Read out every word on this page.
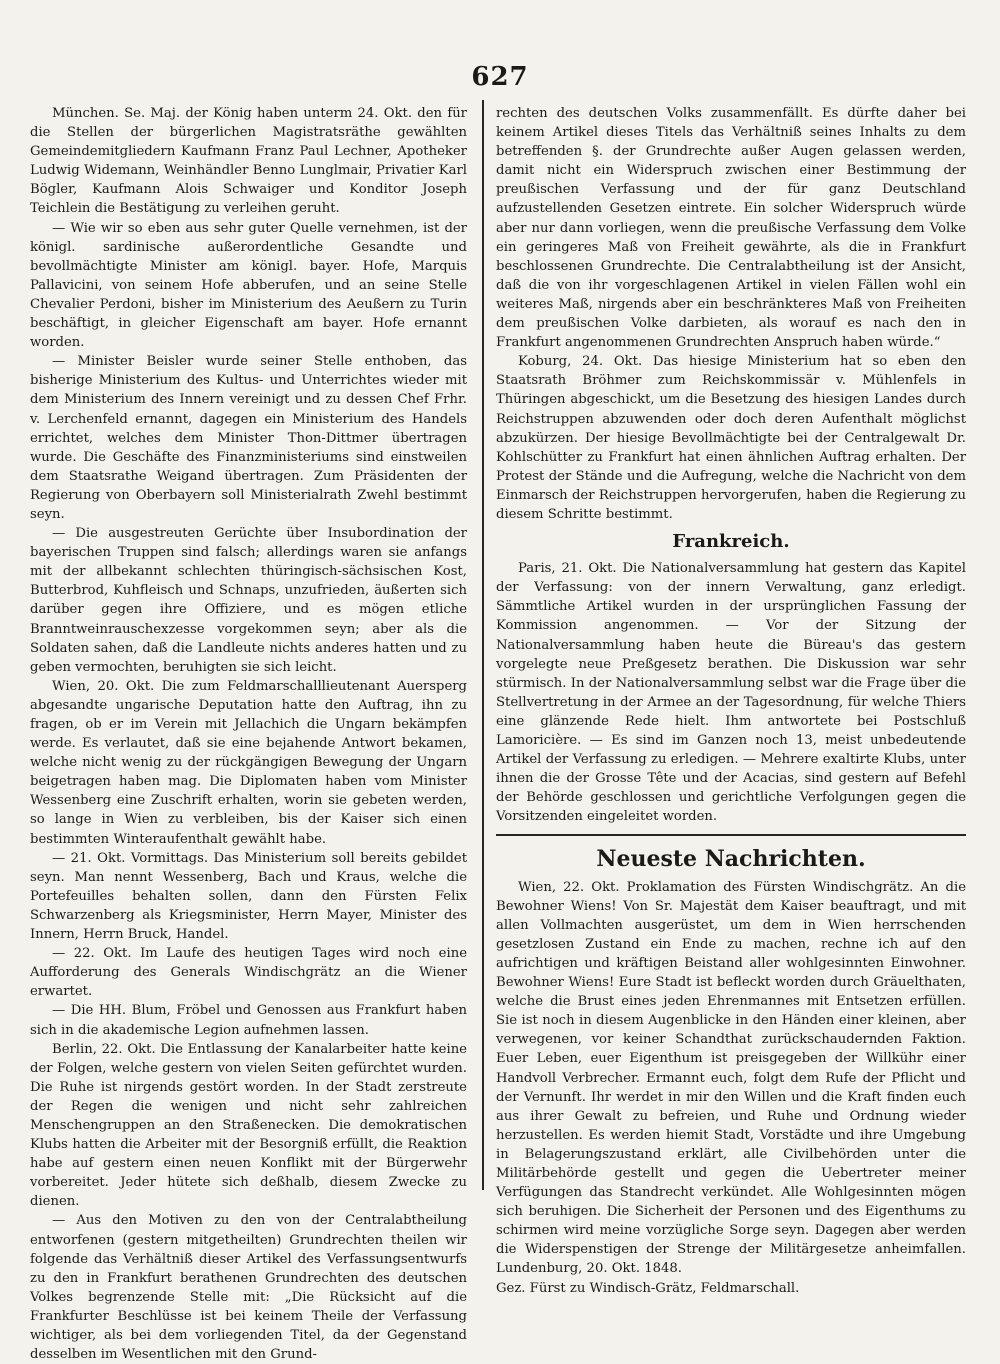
627

München. Se. Maj. der König haben unterm 24. Okt. den für die Stellen der bürgerlichen Magistratsräthe gewählten Gemeindemitgliedern Kaufmann Franz Paul Lechner, Apotheker Ludwig Widemann, Weinhändler Benno Lunglmair, Privatier Karl Bögler, Kaufmann Alois Schwaiger und Konditor Joseph Teichlein die Bestätigung zu verleihen geruht.

— Wie wir so eben aus sehr guter Quelle vernehmen, ist der königl. sardinische außerordentliche Gesandte und bevollmächtigte Minister am königl. bayer. Hofe, Marquis Pallavicini, von seinem Hofe abberufen, und an seine Stelle Chevalier Perdoni, bisher im Ministerium des Aeußern zu Turin beschäftigt, in gleicher Eigenschaft am bayer. Hofe ernannt worden.

— Minister Beisler wurde seiner Stelle enthoben, das bisherige Ministerium des Kultus- und Unterrichtes wieder mit dem Ministerium des Innern vereinigt und zu dessen Chef Frhr. v. Lerchenfeld ernannt, dagegen ein Ministerium des Handels errichtet, welches dem Minister Thon-Dittmer übertragen wurde. Die Geschäfte des Finanzministeriums sind einstweilen dem Staatsrathe Weigand übertragen. Zum Präsidenten der Regierung von Oberbayern soll Ministerialrath Zwehl bestimmt seyn.

— Die ausgestreuten Gerüchte über Insubordination der bayerischen Truppen sind falsch; allerdings waren sie anfangs mit der allbekannt schlechten thüringisch-sächsischen Kost, Butterbrod, Kuhfleisch und Schnaps, unzufrieden, äußerten sich darüber gegen ihre Offiziere, und es mögen etliche Branntweinrauschexzesse vorgekommen seyn; aber als die Soldaten sahen, daß die Landleute nichts anderes hatten und zu geben vermochten, beruhigten sie sich leicht.

Wien, 20. Okt. Die zum Feldmarschalllieutenant Auersperg abgesandte ungarische Deputation hatte den Auftrag, ihn zu fragen, ob er im Verein mit Jellachich die Ungarn bekämpfen werde. Es verlautet, daß sie eine bejahende Antwort bekamen, welche nicht wenig zu der rückgängigen Bewegung der Ungarn beigetragen haben mag. Die Diplomaten haben vom Minister Wessenberg eine Zuschrift erhalten, worin sie gebeten werden, so lange in Wien zu verbleiben, bis der Kaiser sich einen bestimmten Winteraufenthalt gewählt habe.

— 21. Okt. Vormittags. Das Ministerium soll bereits gebildet seyn. Man nennt Wessenberg, Bach und Kraus, welche die Portefeuilles behalten sollen, dann den Fürsten Felix Schwarzenberg als Kriegsminister, Herrn Mayer, Minister des Innern, Herrn Bruck, Handel.

— 22. Okt. Im Laufe des heutigen Tages wird noch eine Aufforderung des Generals Windischgrätz an die Wiener erwartet.

— Die HH. Blum, Fröbel und Genossen aus Frankfurt haben sich in die akademische Legion aufnehmen lassen.

Berlin, 22. Okt. Die Entlassung der Kanalarbeiter hatte keine der Folgen, welche gestern von vielen Seiten gefürchtet wurden. Die Ruhe ist nirgends gestört worden. In der Stadt zerstreute der Regen die wenigen und nicht sehr zahlreichen Menschengruppen an den Straßenecken. Die demokratischen Klubs hatten die Arbeiter mit der Besorgniß erfüllt, die Reaktion habe auf gestern einen neuen Konflikt mit der Bürgerwehr vorbereitet. Jeder hütete sich deßhalb, diesem Zwecke zu dienen.

— Aus den Motiven zu den von der Centralabtheilung entworfenen (gestern mitgetheilten) Grundrechten theilen wir folgende das Verhältniß dieser Artikel des Verfassungsentwurfs zu den in Frankfurt berathenen Grundrechten des deutschen Volkes begrenzende Stelle mit: „Die Rücksicht auf die Frankfurter Beschlüsse ist bei keinem Theile der Verfassung wichtiger, als bei dem vorliegenden Titel, da der Gegenstand desselben im Wesentlichen mit den Grund-

rechten des deutschen Volks zusammenfällt. Es dürfte daher bei keinem Artikel dieses Titels das Verhältniß seines Inhalts zu dem betreffenden §. der Grundrechte außer Augen gelassen werden, damit nicht ein Widerspruch zwischen einer Bestimmung der preußischen Verfassung und der für ganz Deutschland aufzustellenden Gesetzen eintrete. Ein solcher Widerspruch würde aber nur dann vorliegen, wenn die preußische Verfassung dem Volke ein geringeres Maß von Freiheit gewährte, als die in Frankfurt beschlossenen Grundrechte. Die Centralabtheilung ist der Ansicht, daß die von ihr vorgeschlagenen Artikel in vielen Fällen wohl ein weiteres Maß, nirgends aber ein beschränkteres Maß von Freiheiten dem preußischen Volke darbieten, als worauf es nach den in Frankfurt angenommenen Grundrechten Anspruch haben würde.“

Koburg, 24. Okt. Das hiesige Ministerium hat so eben den Staatsrath Bröhmer zum Reichskommissär v. Mühlenfels in Thüringen abgeschickt, um die Besetzung des hiesigen Landes durch Reichstruppen abzuwenden oder doch deren Aufenthalt möglichst abzukürzen. Der hiesige Bevollmächtigte bei der Centralgewalt Dr. Kohlschütter zu Frankfurt hat einen ähnlichen Auftrag erhalten. Der Protest der Stände und die Aufregung, welche die Nachricht von dem Einmarsch der Reichstruppen hervorgerufen, haben die Regierung zu diesem Schritte bestimmt.

Frankreich.

Paris, 21. Okt. Die Nationalversammlung hat gestern das Kapitel der Verfassung: von der innern Verwaltung, ganz erledigt. Sämmtliche Artikel wurden in der ursprünglichen Fassung der Kommission angenommen. — Vor der Sitzung der Nationalversammlung haben heute die Büreau's das gestern vorgelegte neue Preßgesetz berathen. Die Diskussion war sehr stürmisch. In der Nationalversammlung selbst war die Frage über die Stellvertretung in der Armee an der Tagesordnung, für welche Thiers eine glänzende Rede hielt. Ihm antwortete bei Postschluß Lamoricière. — Es sind im Ganzen noch 13, meist unbedeutende Artikel der Verfassung zu erledigen. — Mehrere exaltirte Klubs, unter ihnen die der Grosse Tête und der Acacias, sind gestern auf Befehl der Behörde geschlossen und gerichtliche Verfolgungen gegen die Vorsitzenden eingeleitet worden.

Neueste Nachrichten.

Wien, 22. Okt. Proklamation des Fürsten Windischgrätz. An die Bewohner Wiens! Von Sr. Majestät dem Kaiser beauftragt, und mit allen Vollmachten ausgerüstet, um dem in Wien herrschenden gesetzlosen Zustand ein Ende zu machen, rechne ich auf den aufrichtigen und kräftigen Beistand aller wohlgesinnten Einwohner. Bewohner Wiens! Eure Stadt ist befleckt worden durch Gräuelthaten, welche die Brust eines jeden Ehrenmannes mit Entsetzen erfüllen. Sie ist noch in diesem Augenblicke in den Händen einer kleinen, aber verwegenen, vor keiner Schandthat zurückschaudernden Faktion. Euer Leben, euer Eigenthum ist preisgegeben der Willkühr einer Handvoll Verbrecher. Ermannt euch, folgt dem Rufe der Pflicht und der Vernunft. Ihr werdet in mir den Willen und die Kraft finden euch aus ihrer Gewalt zu befreien, und Ruhe und Ordnung wieder herzustellen. Es werden hiemit Stadt, Vorstädte und ihre Umgebung in Belagerungszustand erklärt, alle Civilbehörden unter die Militärbehörde gestellt und gegen die Uebertreter meiner Verfügungen das Standrecht verkündet. Alle Wohlgesinnten mögen sich beruhigen. Die Sicherheit der Personen und des Eigenthums zu schirmen wird meine vorzügliche Sorge seyn. Dagegen aber werden die Widerspenstigen der Strenge der Militärgesetze anheimfallen. Lundenburg, 20. Okt. 1848.

Gez. Fürst zu Windisch-Grätz, Feldmarschall.
